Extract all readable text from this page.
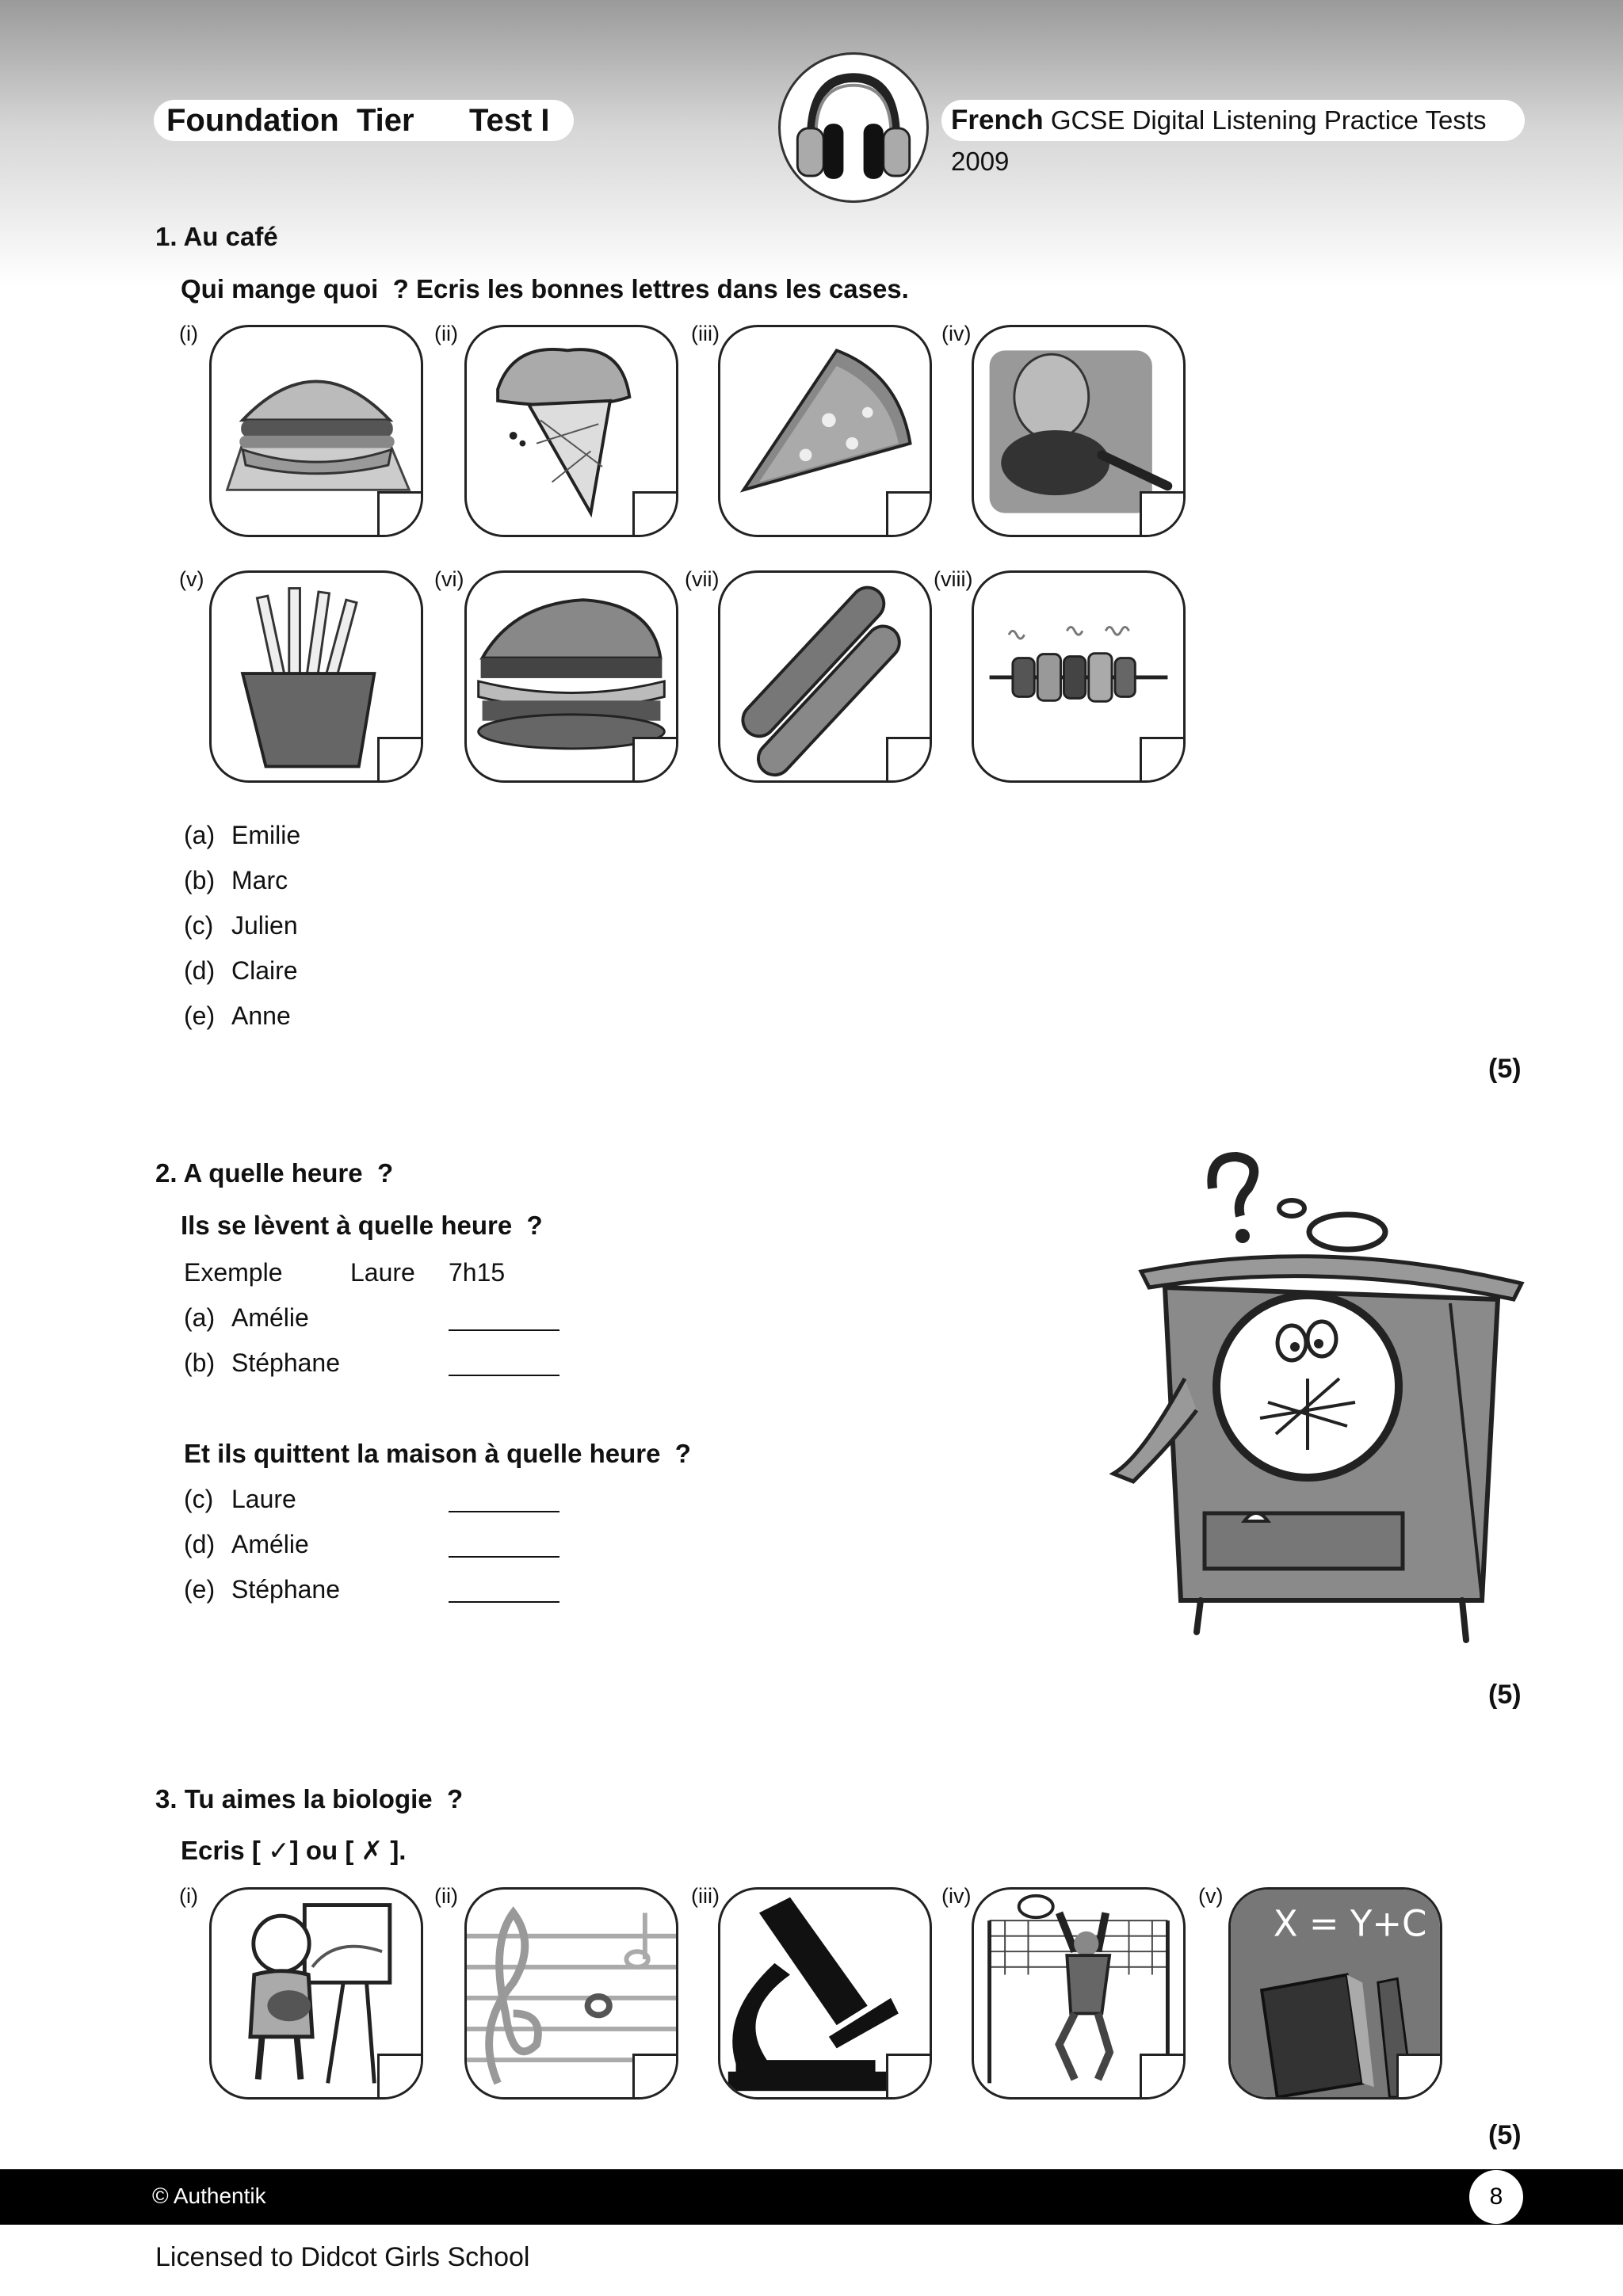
Foundation  Tier Test I	French GCSE Digital Listening Practice Tests 2009
1. Au café
Qui mange quoi  ? Ecris les bonnes lettres dans les cases.
(i)	(ii)	(iii)	(iv)
(v)	(vi)	(vii)	(viii)
(a) Emilie
(b) Marc
(c) Julien
(d) Claire
(e) Anne
(5)
2. A quelle heure  ?
Ils se lèvent à quelle heure  ?
Exemple	Laure 7h15
(a) Amélie
(b) Stéphane
Et ils quittent la maison à quelle heure  ?
(c) Laure
(d) Amélie
(e) Stéphane
(5)
3. Tu aimes la biologie  ?
Ecris [ ✓] ou [ ✗ ].
(i)	(ii)	(iii)	(iv)	(v)
X = Y+C
(5)
© Authentik	8
Licensed to Didcot Girls School
